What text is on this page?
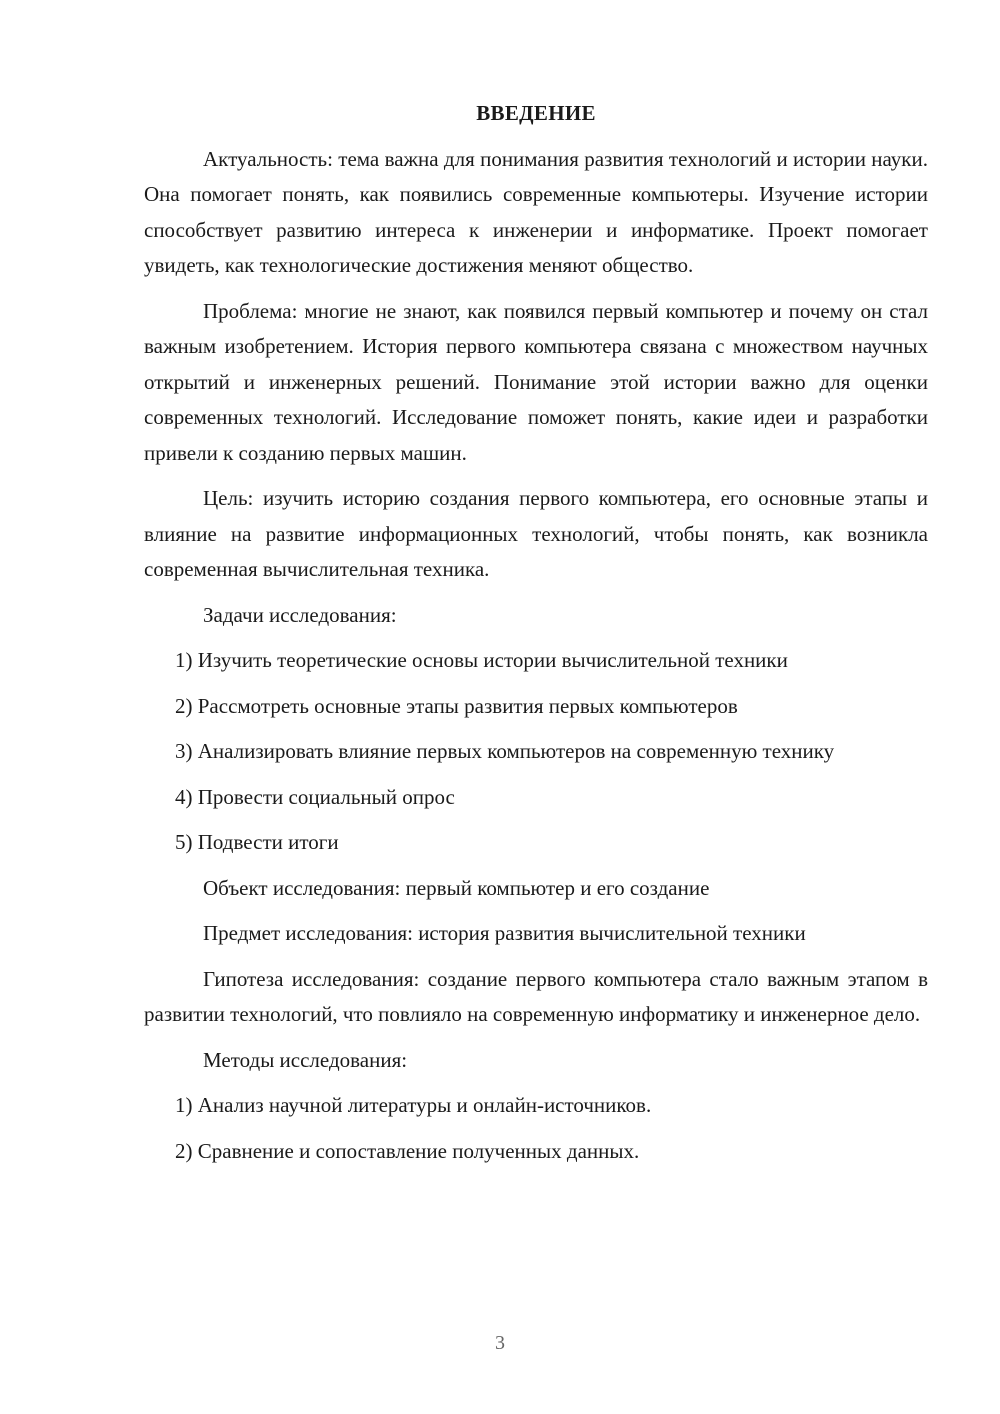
ВВЕДЕНИЕ

Актуальность: тема важна для понимания развития технологий и истории науки. Она помогает понять, как появились современные компьютеры. Изучение истории способствует развитию интереса к инженерии и информатике. Проект помогает увидеть, как технологические достижения меняют общество.

Проблема: многие не знают, как появился первый компьютер и почему он стал важным изобретением. История первого компьютера связана с множеством научных открытий и инженерных решений. Понимание этой истории важно для оценки современных технологий. Исследование поможет понять, какие идеи и разработки привели к созданию первых машин.

Цель: изучить историю создания первого компьютера, его основные этапы и влияние на развитие информационных технологий, чтобы понять, как возникла современная вычислительная техника.

Задачи исследования:

1) Изучить теоретические основы истории вычислительной техники

2) Рассмотреть основные этапы развития первых компьютеров

3) Анализировать влияние первых компьютеров на современную технику

4) Провести социальный опрос

5) Подвести итоги

Объект исследования: первый компьютер и его создание

Предмет исследования: история развития вычислительной техники

Гипотеза исследования: создание первого компьютера стало важным этапом в развитии технологий, что повлияло на современную информатику и инженерное дело.

Методы исследования:

1) Анализ научной литературы и онлайн-источников.

2) Сравнение и сопоставление полученных данных.

3
